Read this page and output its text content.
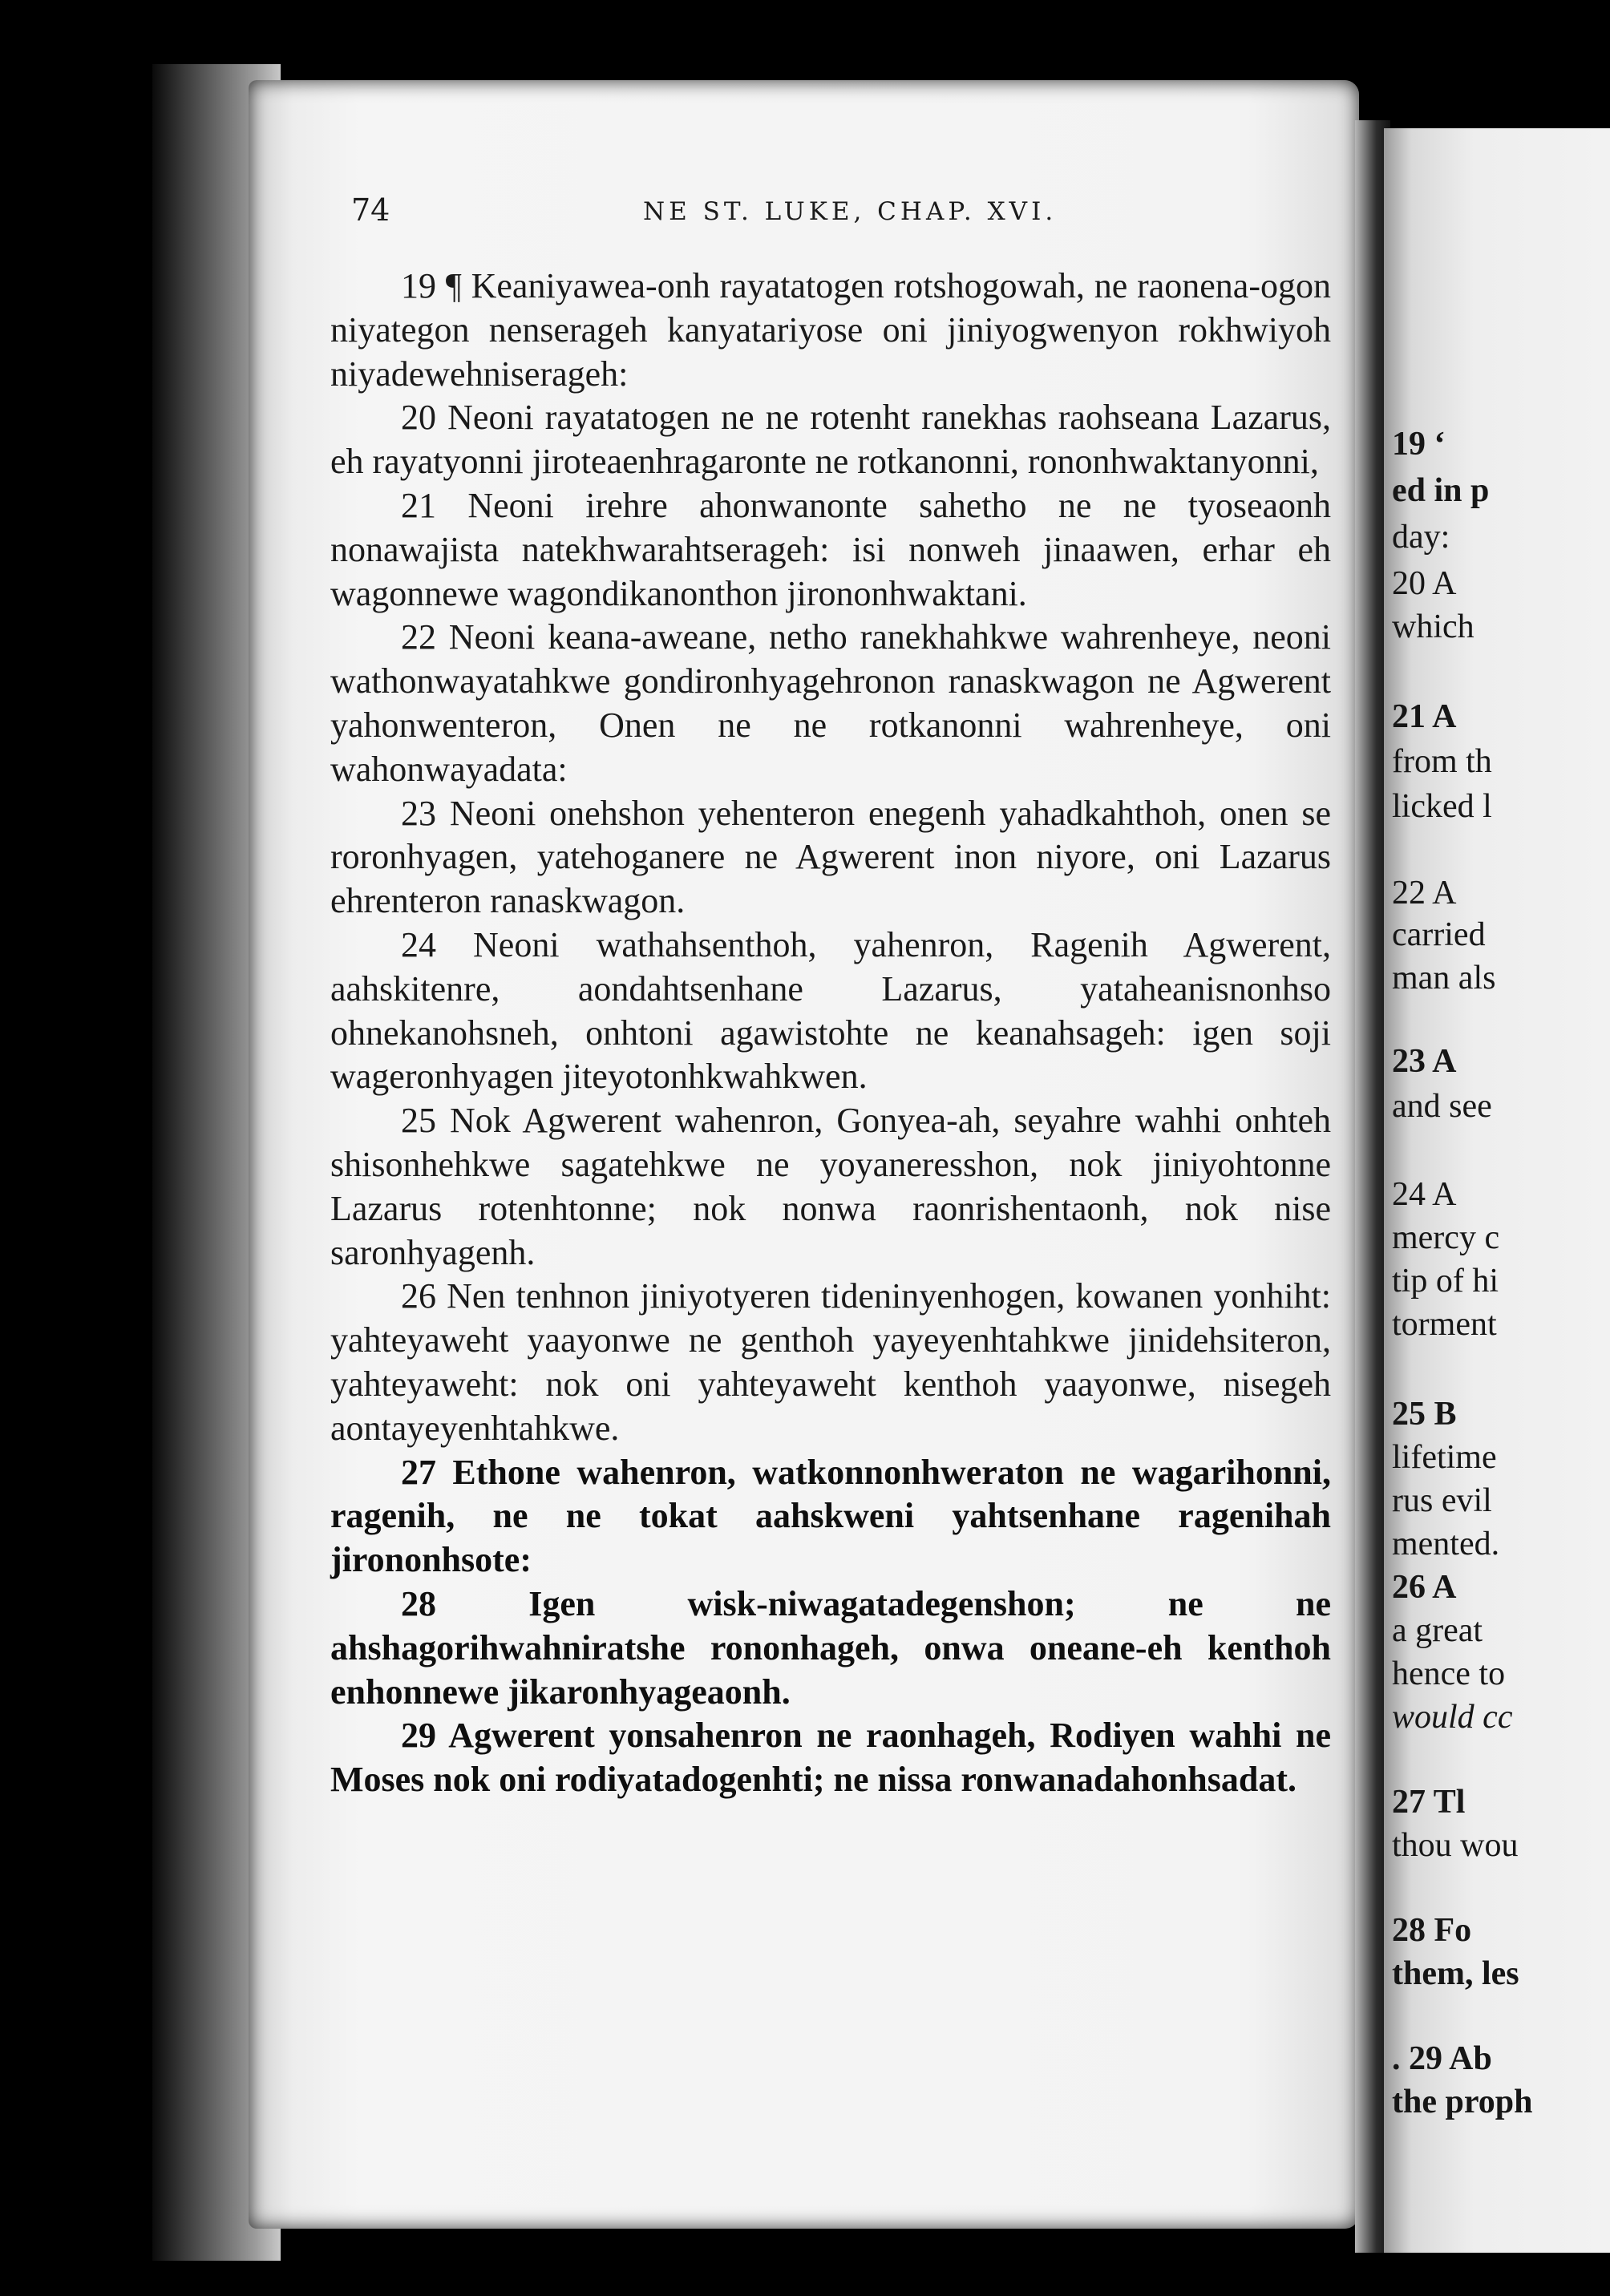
19 ‘
ed in p
day:
20 A
which
21 A
from th
licked l
22 A
carried
man als
23 A
and see
24 A
mercy c
tip of hi
torment
25 B
lifetime
rus evil
mented.
26 A
a great
hence to
would cc
27 Tl
thou wou
28 Fo
them, les
. 29 Ab
the proph
74	NE ST. LUKE, CHAP. XVI.

19 ¶ Keaniyawea-onh rayatatogen rotshogowah, ne raonena-ogon niyategon nenserageh kanyatariyose oni jiniyogwenyon rokhwiyoh niyadewehniserageh:

20 Neoni rayatatogen ne ne rotenht ranekhas raohseana Lazarus, eh rayatyonni jiroteaenhragaronte ne rotkanonni, rononhwaktanyonni,

21 Neoni irehre ahonwanonte sahetho ne ne tyoseaonh nonawajista natekhwarahtserageh: isi nonweh jinaawen, erhar eh wagonnewe wagondikanonthon jirononhwaktani.

22 Neoni keana-aweane, netho ranekhahkwe wahrenheye, neoni wathonwayatahkwe gondironhyagehronon ranaskwagon ne Agwerent yahonwenteron, Onen ne ne rotkanonni wahrenheye, oni wahonwayadata:

23 Neoni onehshon yehenteron enegenh yahadkahthoh, onen se roronhyagen, yatehoganere ne Agwerent inon niyore, oni Lazarus ehrenteron ranaskwagon.

24 Neoni wathahsenthoh, yahenron, Ragenih Agwerent, aahskitenre, aondahtsenhane Lazarus, yataheanisnonhso ohnekanohsneh, onhtoni agawistohte ne keanahsageh: igen soji wageronhyagen jiteyotonhkwahkwen.

25 Nok Agwerent wahenron, Gonyea-ah, seyahre wahhi onhteh shisonhehkwe sagatehkwe ne yoyaneresshon, nok jiniyohtonne Lazarus rotenhtonne; nok nonwa raonrishentaonh, nok nise saronhyagenh.

26 Nen tenhnon jiniyotyeren tideninyenhogen, kowanen yonhiht: yahteyaweht yaayonwe ne genthoh yayeyenhtahkwe jinidehsiteron, yahteyaweht: nok oni yahteyaweht kenthoh yaayonwe, nisegeh aontayeyenhtahkwe.

27 Ethone wahenron, watkonnonhweraton ne wagarihonni, ragenih, ne ne tokat aahskweni yahtsenhane ragenihah jirononhsote:

28 Igen wisk-niwagatadegenshon; ne ne ahshagorihwahniratshe rononhageh, onwa oneane-eh kenthoh enhonnewe jikaronhyageaonh.

29 Agwerent yonsahenron ne raonhageh, Rodiyen wahhi ne Moses nok oni rodiyatadogenhti; ne nissa ronwanadahonhsadat.
